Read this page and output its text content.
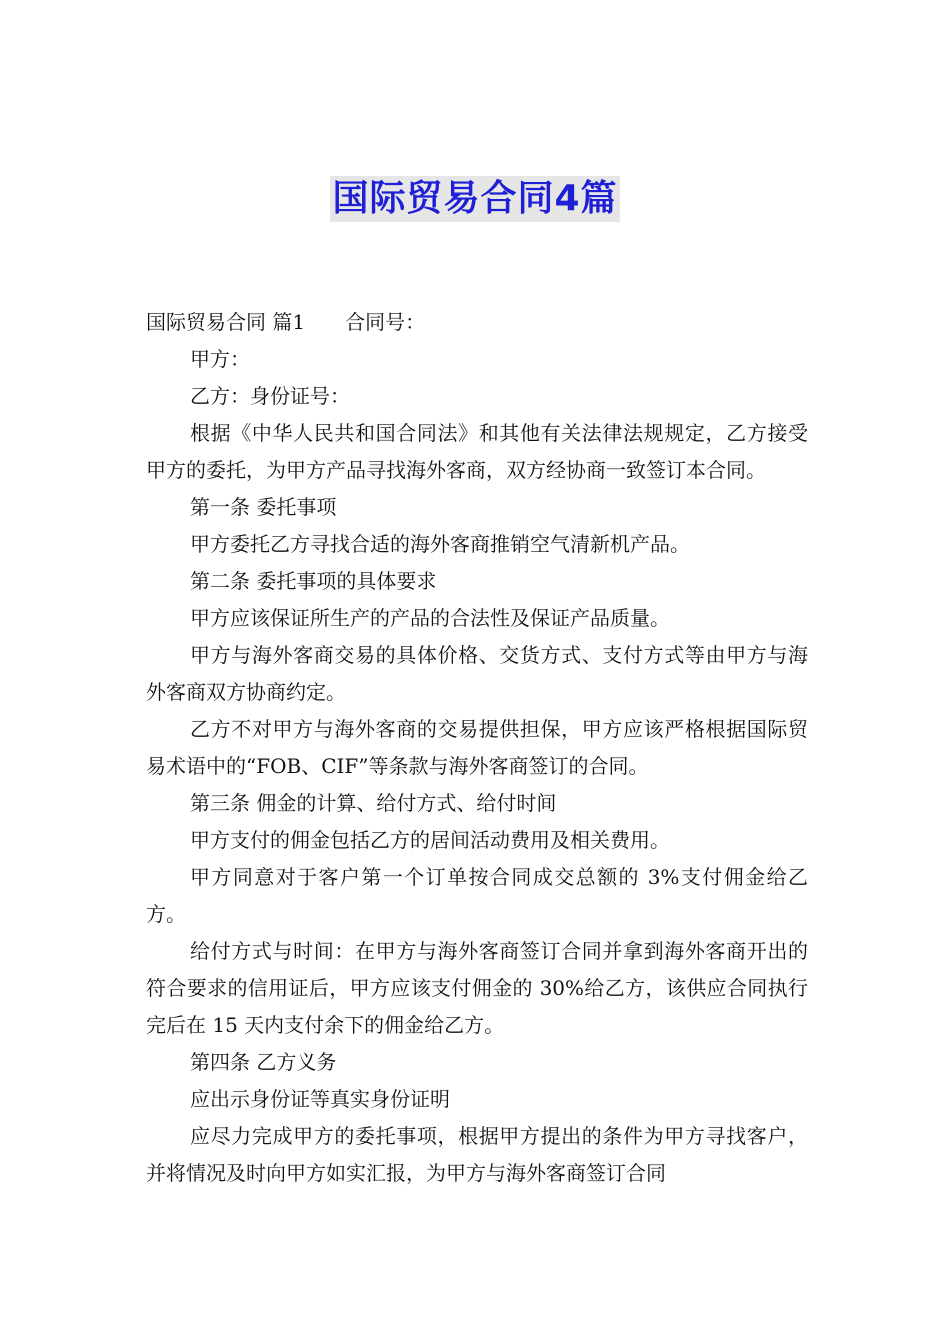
国际贸易合同4篇
国际贸易合同 篇1 合同号：
甲方：
乙方：身份证号：

根据《中华人民共和国合同法》和其他有关法律法规规定，乙方接受甲方的委托，为甲方产品寻找海外客商，双方经协商一致签订本合同。

第一条 委托事项

甲方委托乙方寻找合适的海外客商推销空气清新机产品。

第二条 委托事项的具体要求

甲方应该保证所生产的产品的合法性及保证产品质量。

甲方与海外客商交易的具体价格、交货方式、支付方式等由甲方与海外客商双方协商约定。

乙方不对甲方与海外客商的交易提供担保，甲方应该严格根据国际贸易术语中的“FOB、CIF”等条款与海外客商签订的合同。

第三条 佣金的计算、给付方式、给付时间

甲方支付的佣金包括乙方的居间活动费用及相关费用。

甲方同意对于客户第一个订单按合同成交总额的 3%支付佣金给乙方。

给付方式与时间：在甲方与海外客商签订合同并拿到海外客商开出的符合要求的信用证后，甲方应该支付佣金的 30%给乙方，该供应合同执行完后在 15 天内支付余下的佣金给乙方。

第四条 乙方义务

应出示身份证等真实身份证明

应尽力完成甲方的委托事项，根据甲方提出的条件为甲方寻找客户，并将情况及时向甲方如实汇报，为甲方与海外客商签订合同
